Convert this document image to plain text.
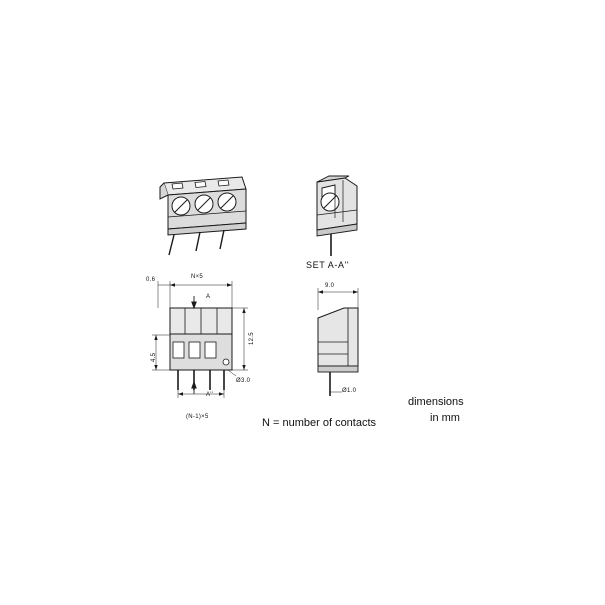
SET A-A''
0.6	N×5
12.5
4.5
Ø3.0
(N-1)×5
A
A''
9.0
Ø1.0
N = number of contacts
dimensions
in mm
